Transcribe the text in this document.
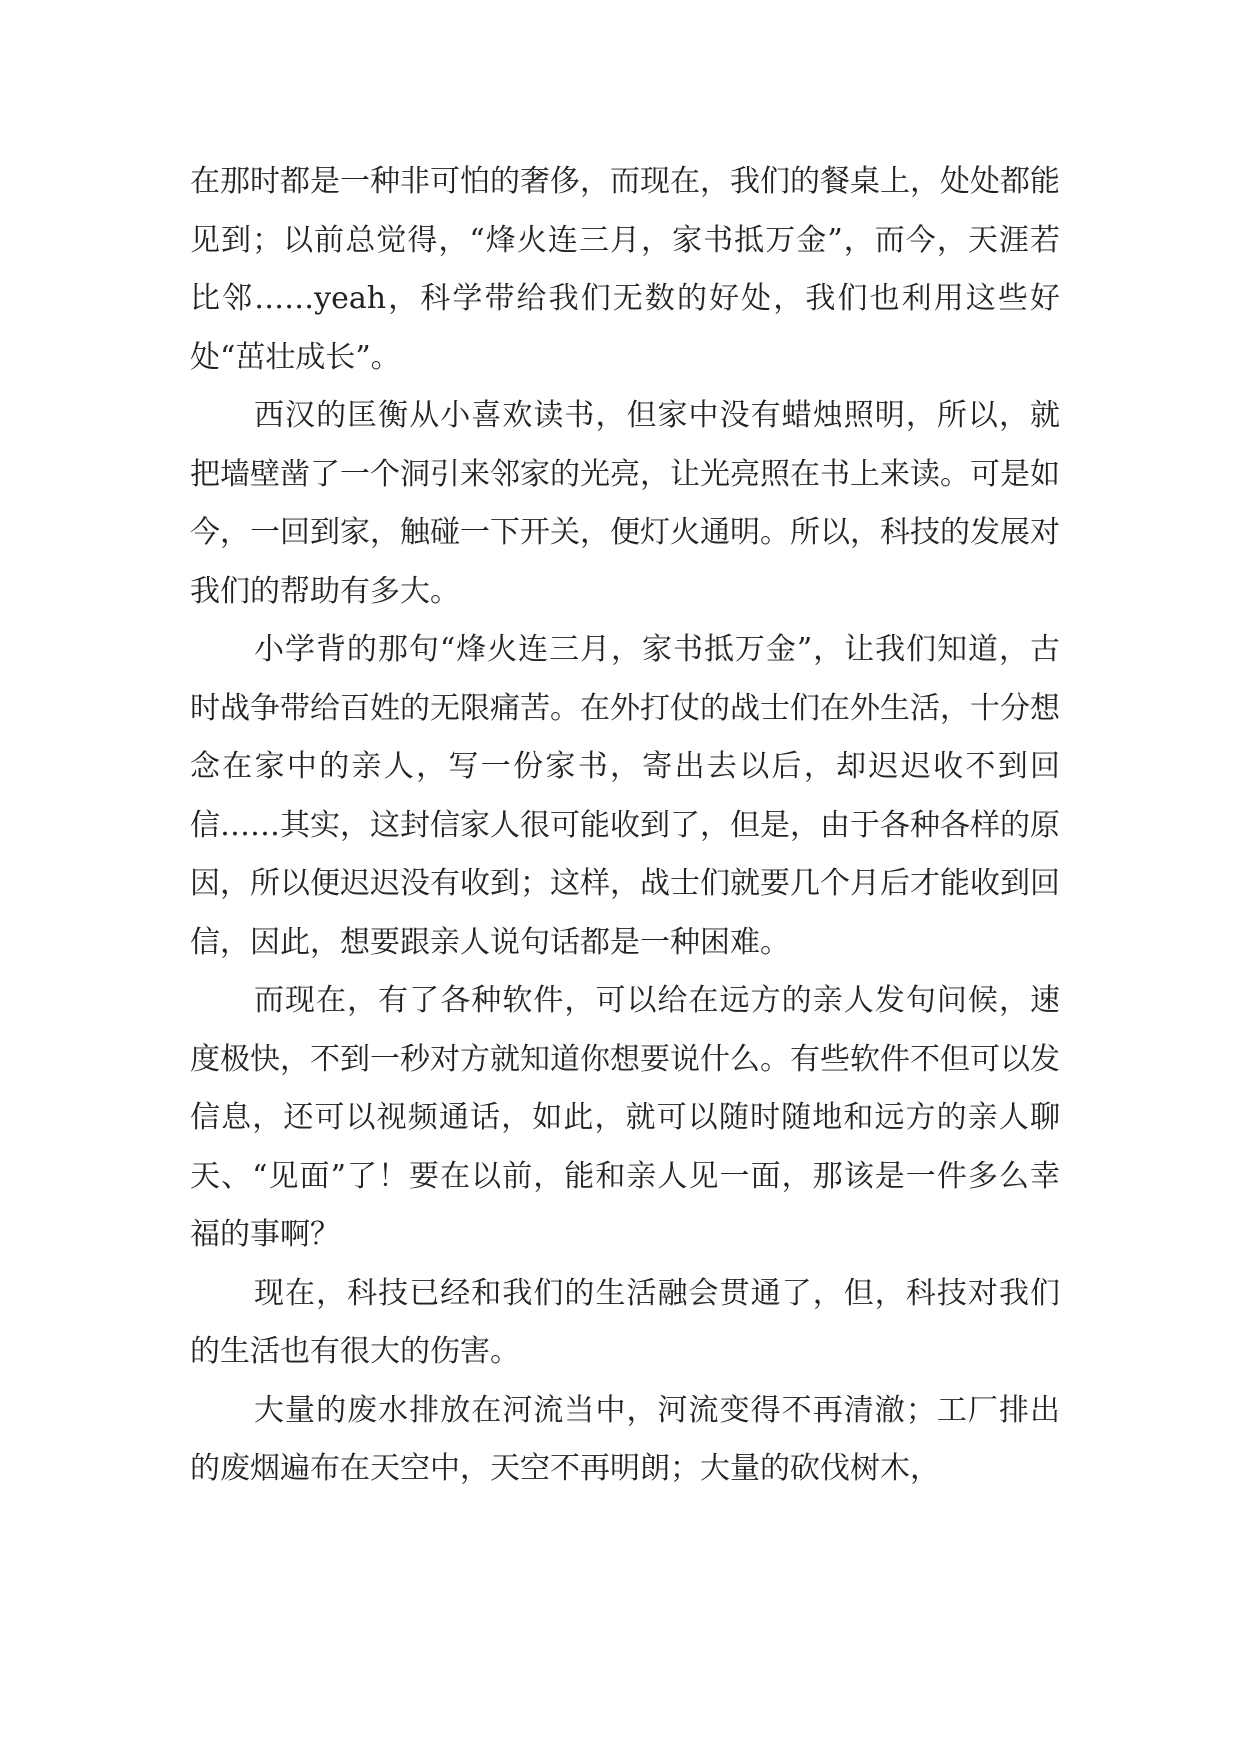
在那时都是一种非可怕的奢侈，而现在，我们的餐桌上，处处都能见到；以前总觉得，“烽火连三月，家书抵万金”，而今，天涯若比邻……yeah，科学带给我们无数的好处，我们也利用这些好处“茁壮成长”。

西汉的匡衡从小喜欢读书，但家中没有蜡烛照明，所以，就把墙壁凿了一个洞引来邻家的光亮，让光亮照在书上来读。可是如今，一回到家，触碰一下开关，便灯火通明。所以，科技的发展对我们的帮助有多大。

小学背的那句“烽火连三月，家书抵万金”，让我们知道，古时战争带给百姓的无限痛苦。在外打仗的战士们在外生活，十分想念在家中的亲人，写一份家书，寄出去以后，却迟迟收不到回信……其实，这封信家人很可能收到了，但是，由于各种各样的原因，所以便迟迟没有收到；这样，战士们就要几个月后才能收到回信，因此，想要跟亲人说句话都是一种困难。

而现在，有了各种软件，可以给在远方的亲人发句问候，速度极快，不到一秒对方就知道你想要说什么。有些软件不但可以发信息，还可以视频通话，如此，就可以随时随地和远方的亲人聊天、“见面”了！要在以前，能和亲人见一面，那该是一件多么幸福的事啊？

现在，科技已经和我们的生活融会贯通了，但，科技对我们的生活也有很大的伤害。

大量的废水排放在河流当中，河流变得不再清澈；工厂排出的废烟遍布在天空中，天空不再明朗；大量的砍伐树木，
